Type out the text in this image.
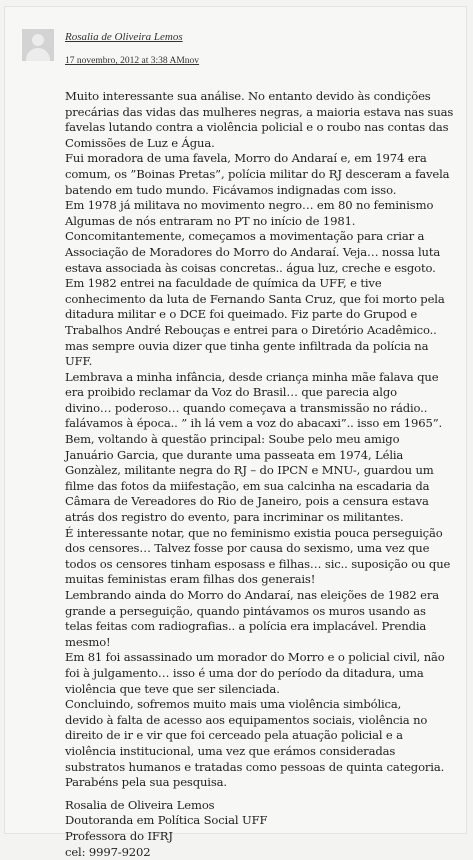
Rosalia de Oliveira Lemos
17 novembro, 2012 at 3:38 AMnov
Muito interessante sua análise. No entanto devido às condições
precárias das vidas das mulheres negras, a maioria estava nas suas
favelas lutando contra a violência policial e o roubo nas contas das
Comissões de Luz e Água.
Fui moradora de uma favela, Morro do Andaraí e, em 1974 era
comum, os ”Boinas Pretas”, polícia militar do RJ desceram a favela
batendo em tudo mundo. Ficávamos indignadas com isso.
Em 1978 já militava no movimento negro… em 80 no feminismo
Algumas de nós entraram no PT no início de 1981.
Concomitantemente, começamos a movimentação para criar a
Associação de Moradores do Morro do Andaraí. Veja… nossa luta
estava associada às coisas concretas.. água luz, creche e esgoto.
Em 1982 entrei na faculdade de química da UFF, e tive
conhecimento da luta de Fernando Santa Cruz, que foi morto pela
ditadura militar e o DCE foi queimado. Fiz parte do Grupod e
Trabalhos André Rebouças e entrei para o Diretório Acadêmico..
mas sempre ouvia dizer que tinha gente infiltrada da polícia na
UFF.
Lembrava a minha infância, desde criança minha mãe falava que
era proibido reclamar da Voz do Brasil… que parecia algo
divino… poderoso… quando começava a transmissão no rádio..
falávamos à época.. ” ih lá vem a voz do abacaxi”.. isso em 1965”.
Bem, voltando à questão principal: Soube pelo meu amigo
Januário Garcia, que durante uma passeata em 1974, Lélia
Gonzàlez, militante negra do RJ – do IPCN e MNU-, guardou um
filme das fotos da miifestação, em sua calcinha na escadaria da
Câmara de Vereadores do Rio de Janeiro, pois a censura estava
atrás dos registro do evento, para incriminar os militantes.
É interessante notar, que no feminismo existia pouca perseguição
dos censores… Talvez fosse por causa do sexismo, uma vez que
todos os censores tinham esposass e filhas… sic.. suposição ou que
muitas feministas eram filhas dos generais!
Lembrando ainda do Morro do Andaraí, nas eleições de 1982 era
grande a perseguição, quando pintávamos os muros usando as
telas feitas com radiografias.. a polícia era implacável. Prendia
mesmo!
Em 81 foi assassinado um morador do Morro e o policial civil, não
foi à julgamento… isso é uma dor do período da ditadura, uma
violência que teve que ser silenciada.
Concluindo, sofremos muito mais uma violência simbólica,
devido à falta de acesso aos equipamentos sociais, violência no
direito de ir e vir que foi cerceado pela atuação policial e a
violência institucional, uma vez que erámos consideradas
substratos humanos e tratadas como pessoas de quinta categoria.
Parabéns pela sua pesquisa.
Rosalia de Oliveira Lemos
Doutoranda em Política Social UFF
Professora do IFRJ
cel: 9997-9202
